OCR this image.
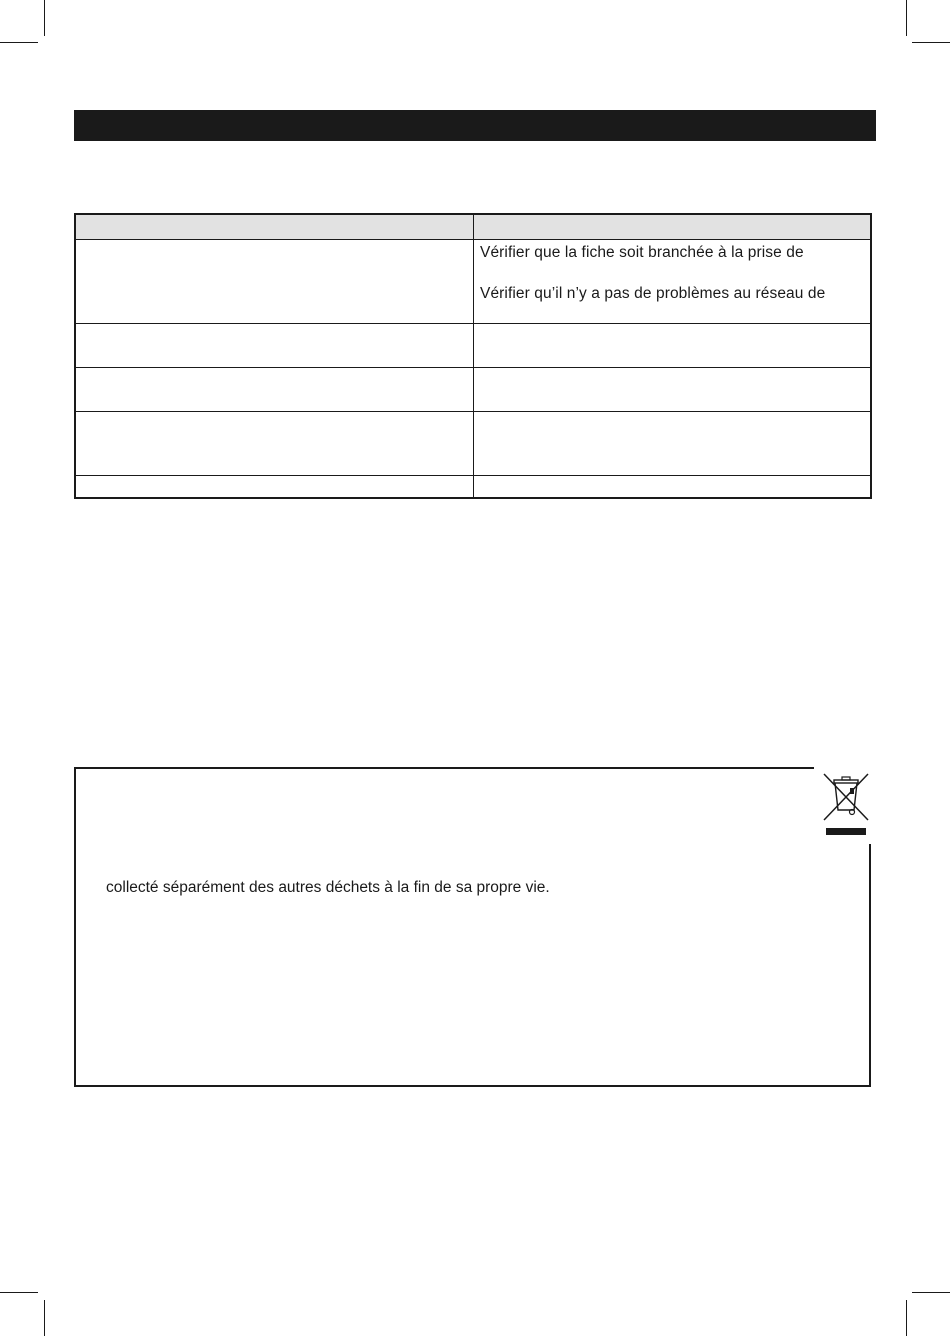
Vérifier que la fiche soit branchée à la prise de
Vérifier qu’il n’y a pas de problèmes au réseau de
collecté séparément des autres déchets à la fin de sa propre vie.
